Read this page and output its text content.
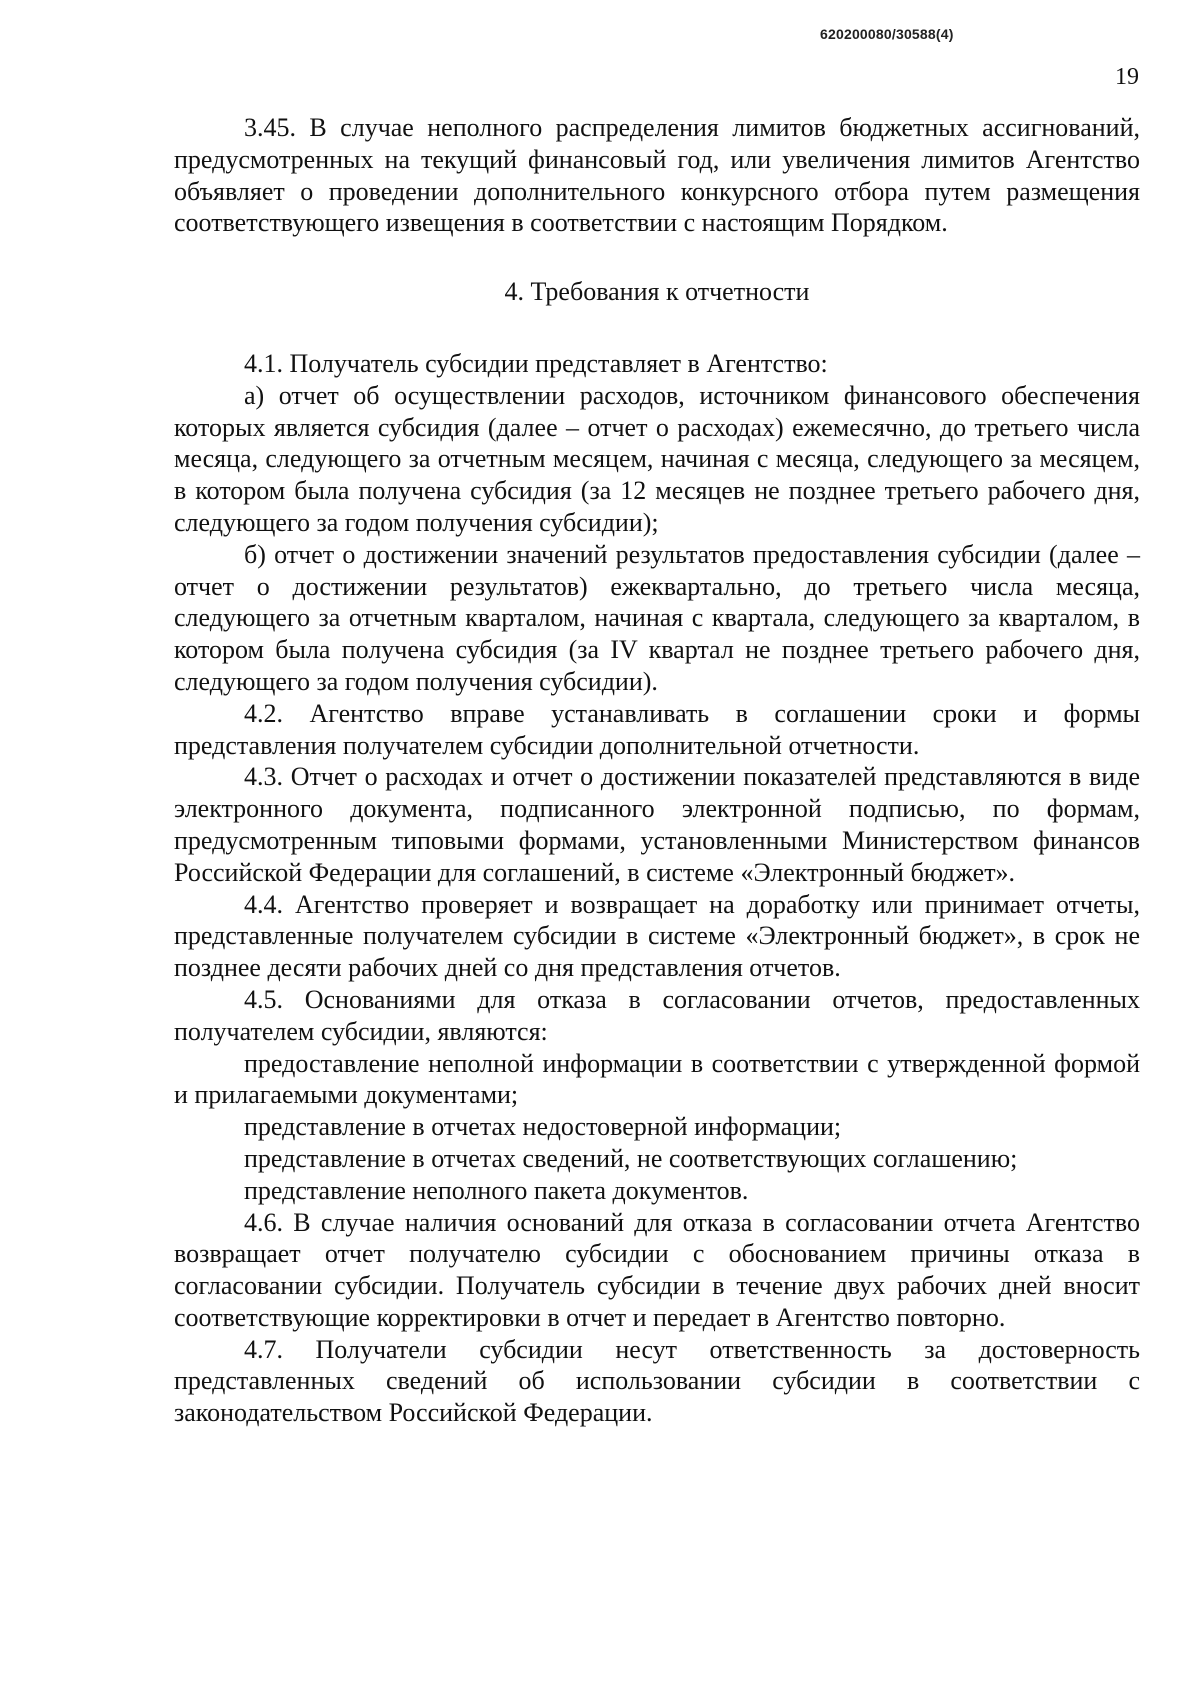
620200080/30588(4)
19

3.45. В случае неполного распределения лимитов бюджетных ассигнований, предусмотренных на текущий финансовый год, или увеличения лимитов Агентство объявляет о проведении дополнительного конкурсного отбора путем размещения соответствующего извещения в соответствии с настоящим Порядком.

4. Требования к отчетности

4.1. Получатель субсидии представляет в Агентство:

а) отчет об осуществлении расходов, источником финансового обеспечения которых является субсидия (далее – отчет о расходах) ежемесячно, до третьего числа месяца, следующего за отчетным месяцем, начиная с месяца, следующего за месяцем, в котором была получена субсидия (за 12 месяцев не позднее третьего рабочего дня, следующего за годом получения субсидии);

б) отчет о достижении значений результатов предоставления субсидии (далее – отчет о достижении результатов) ежеквартально, до третьего числа месяца, следующего за отчетным кварталом, начиная с квартала, следующего за кварталом, в котором была получена субсидия (за IV квартал не позднее третьего рабочего дня, следующего за годом получения субсидии).

4.2. Агентство вправе устанавливать в соглашении сроки и формы представления получателем субсидии дополнительной отчетности.

4.3. Отчет о расходах и отчет о достижении показателей представляются в виде электронного документа, подписанного электронной подписью, по формам, предусмотренным типовыми формами, установленными Министерством финансов Российской Федерации для соглашений, в системе «Электронный бюджет».

4.4. Агентство проверяет и возвращает на доработку или принимает отчеты, представленные получателем субсидии в системе «Электронный бюджет», в срок не позднее десяти рабочих дней со дня представления отчетов.

4.5. Основаниями для отказа в согласовании отчетов, предоставленных получателем субсидии, являются:

предоставление неполной информации в соответствии с утвержденной формой и прилагаемыми документами;

представление в отчетах недостоверной информации;

представление в отчетах сведений, не соответствующих соглашению;

представление неполного пакета документов.

4.6. В случае наличия оснований для отказа в согласовании отчета Агентство возвращает отчет получателю субсидии с обоснованием причины отказа в согласовании субсидии. Получатель субсидии в течение двух рабочих дней вносит соответствующие корректировки в отчет и передает в Агентство повторно.

4.7. Получатели субсидии несут ответственность за достоверность представленных сведений об использовании субсидии в соответствии с законодательством Российской Федерации.
